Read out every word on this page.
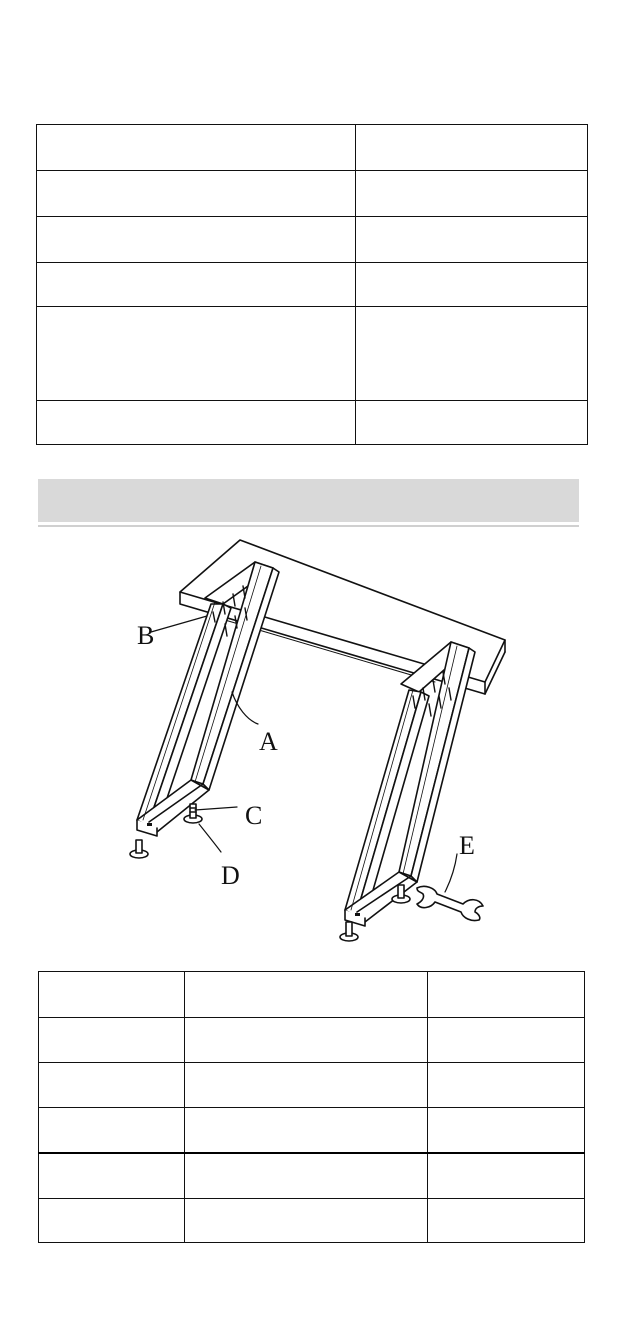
B
A
C
D
E
